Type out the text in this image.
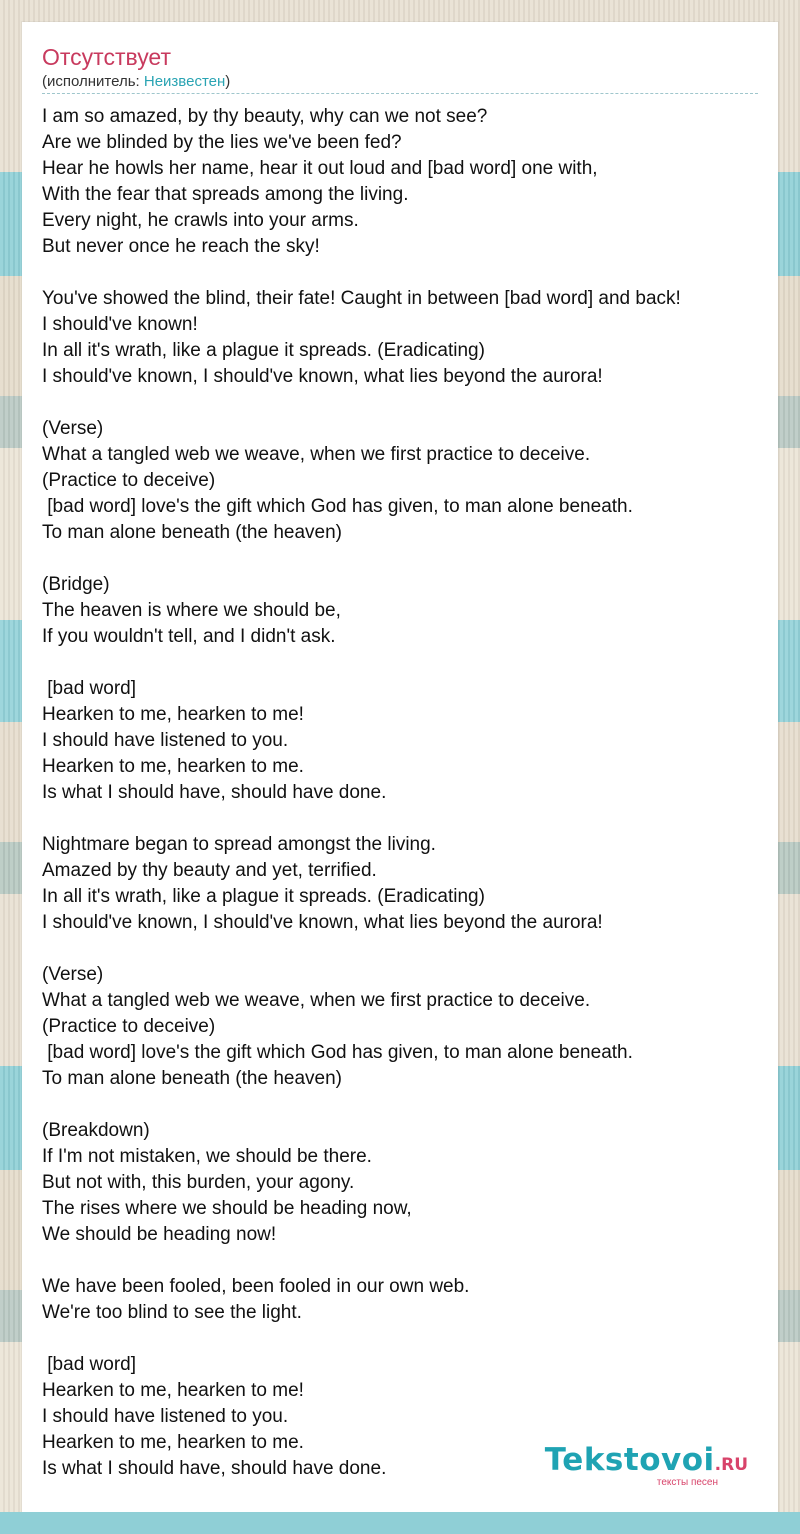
Отсутствует
(исполнитель: Неизвестен)
I am so amazed, by thy beauty, why can we not see?
Are we blinded by the lies we've been fed?
Hear he howls her name, hear it out loud and [bad word] one with,
With the fear that spreads among the living.
Every night, he crawls into your arms.
But never once he reach the sky!
You've showed the blind, their fate! Caught in between [bad word] and back!
I should've known!
In all it's wrath, like a plague it spreads. (Eradicating)
I should've known, I should've known, what lies beyond the aurora!
(Verse)
What a tangled web we weave, when we first practice to deceive.
(Practice to deceive)
[bad word] love's the gift which God has given, to man alone beneath.
To man alone beneath (the heaven)
(Bridge)
The heaven is where we should be,
If you wouldn't tell, and I didn't ask.
[bad word]
Hearken to me, hearken to me!
I should have listened to you.
Hearken to me, hearken to me.
Is what I should have, should have done.
Nightmare began to spread amongst the living.
Amazed by thy beauty and yet, terrified.
In all it's wrath, like a plague it spreads. (Eradicating)
I should've known, I should've known, what lies beyond the aurora!
(Verse)
What a tangled web we weave, when we first practice to deceive.
(Practice to deceive)
[bad word] love's the gift which God has given, to man alone beneath.
To man alone beneath (the heaven)
(Breakdown)
If I'm not mistaken, we should be there.
But not with, this burden, your agony.
The rises where we should be heading now,
We should be heading now!
We have been fooled, been fooled in our own web.
We're too blind to see the light.
[bad word]
Hearken to me, hearken to me!
I should have listened to you.
Hearken to me, hearken to me.
Is what I should have, should have done.	Tekstovoi.RU
тексты песен
